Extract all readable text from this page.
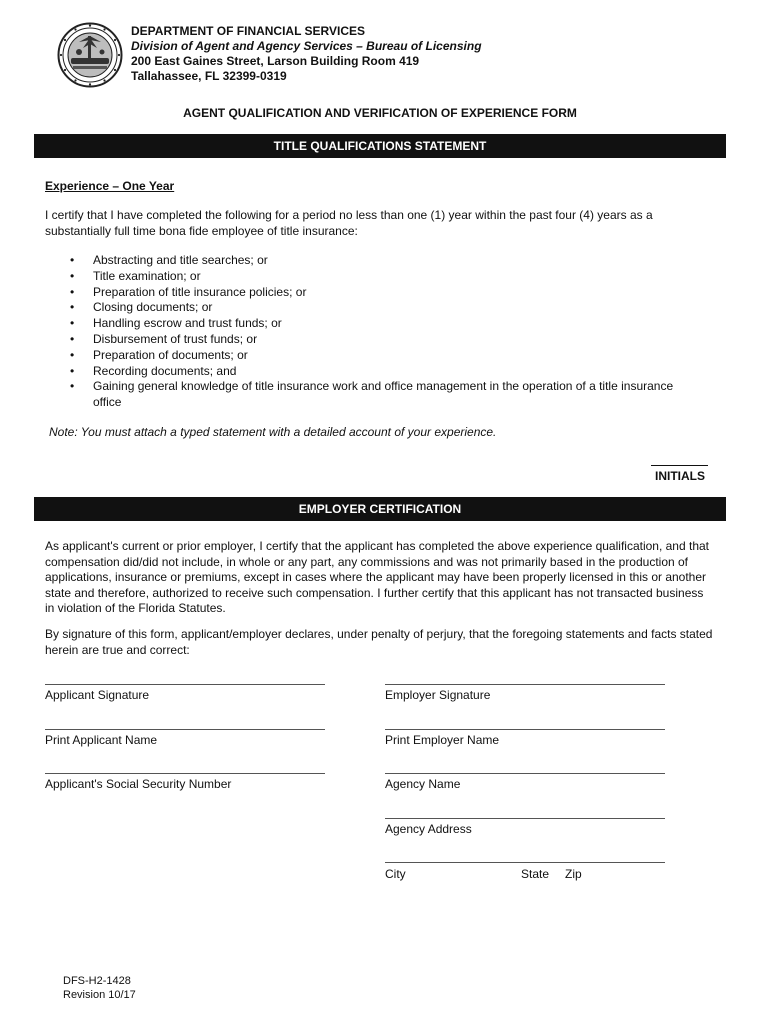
DEPARTMENT OF FINANCIAL SERVICES
Division of Agent and Agency Services – Bureau of Licensing
200 East Gaines Street, Larson Building Room 419
Tallahassee, FL 32399-0319
AGENT QUALIFICATION AND VERIFICATION OF EXPERIENCE FORM
TITLE QUALIFICATIONS STATEMENT
Experience – One Year
I certify that I have completed the following for a period no less than one (1) year within the past four (4) years as a substantially full time bona fide employee of title insurance:
• Abstracting and title searches; or
• Title examination; or
• Preparation of title insurance policies; or
• Closing documents; or
• Handling escrow and trust funds; or
• Disbursement of trust funds; or
• Preparation of documents; or
• Recording documents; and
• Gaining general knowledge of title insurance work and office management in the operation of a title insurance office
Note: You must attach a typed statement with a detailed account of your experience.
INITIALS
EMPLOYER CERTIFICATION
As applicant's current or prior employer, I certify that the applicant has completed the above experience qualification, and that compensation did/did not include, in whole or any part, any commissions and was not primarily based in the production of applications, insurance or premiums, except in cases where the applicant may have been properly licensed in this or another state and therefore, authorized to receive such compensation. I further certify that this applicant has not transacted business in violation of the Florida Statutes.
By signature of this form, applicant/employer declares, under penalty of perjury, that the foregoing statements and facts stated herein are true and correct:
Applicant Signature
Print Applicant Name
Applicant's Social Security Number
Employer Signature
Print Employer Name
Agency Name
Agency Address
City	State Zip
DFS-H2-1428
Revision 10/17
